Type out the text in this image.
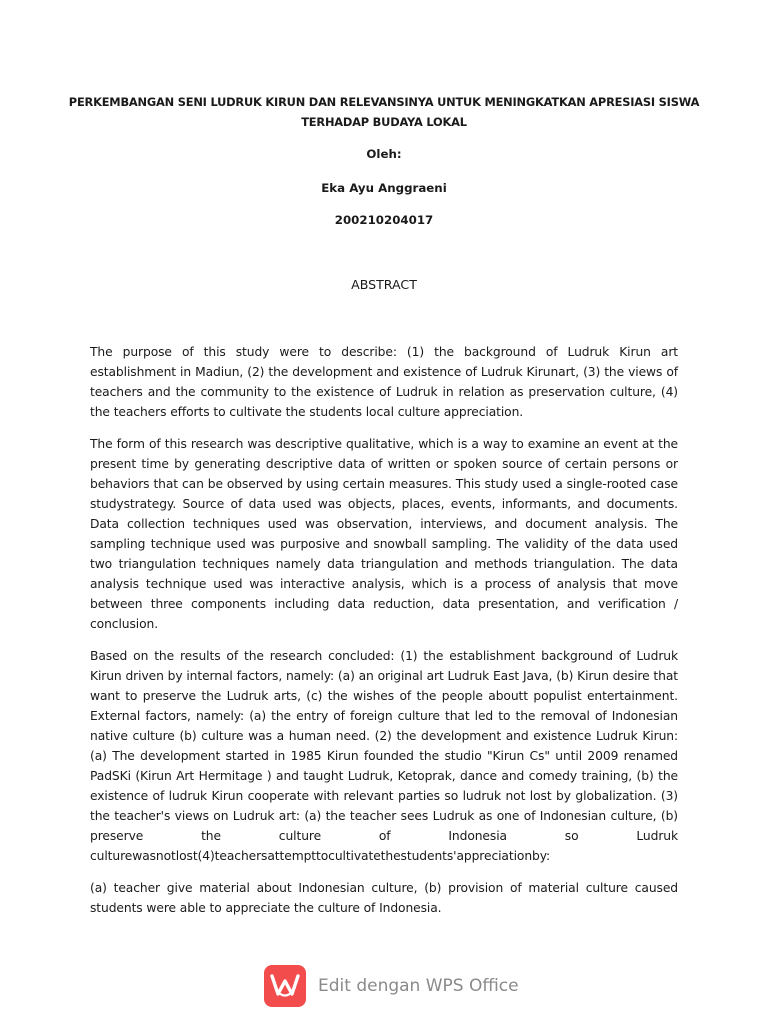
PERKEMBANGAN SENI LUDRUK KIRUN DAN RELEVANSINYA UNTUK MENINGKATKAN APRESIASI SISWA TERHADAP BUDAYA LOKAL
Oleh:
Eka Ayu Anggraeni
200210204017
ABSTRACT

The purpose of this study were to describe: (1) the background of Ludruk Kirun art establishment in Madiun, (2) the development and existence of Ludruk Kirunart, (3) the views of teachers and the community to the existence of Ludruk in relation as preservation culture, (4) the teachers efforts to cultivate the students local culture appreciation.

The form of this research was descriptive qualitative, which is a way to examine an event at the present time by generating descriptive data of written or spoken source of certain persons or behaviors that can be observed by using certain measures. This study used a single-rooted case studystrategy. Source of data used was objects, places, events, informants, and documents. Data collection techniques used was observation, interviews, and document analysis. The sampling technique used was purposive and snowball sampling. The validity of the data used two triangulation techniques namely data triangulation and methods triangulation. The data analysis technique used was interactive analysis, which is a process of analysis that move between three components including data reduction, data presentation, and verification / conclusion.

Based on the results of the research concluded: (1) the establishment background of Ludruk Kirun driven by internal factors, namely: (a) an original art Ludruk East Java, (b) Kirun desire that want to preserve the Ludruk arts, (c) the wishes of the people aboutt populist entertainment. External factors, namely: (a) the entry of foreign culture that led to the removal of Indonesian native culture (b) culture was a human need. (2) the development and existence Ludruk Kirun: (a) The development started in 1985 Kirun founded the studio "Kirun Cs" until 2009 renamed PadSKi (Kirun Art Hermitage ) and taught Ludruk, Ketoprak, dance and comedy training, (b) the existence of ludruk Kirun cooperate with relevant parties so ludruk not lost by globalization. (3) the teacher's views on Ludruk art: (a) the teacher sees Ludruk as one of Indonesian culture, (b) preserve the culture of Indonesia so Ludruk culturewasnotlost(4)teachersattempttocultivatethestudents'appreciationby:

(a) teacher give material about Indonesian culture, (b) provision of material culture caused students were able to appreciate the culture of Indonesia.

Edit dengan WPS Office
